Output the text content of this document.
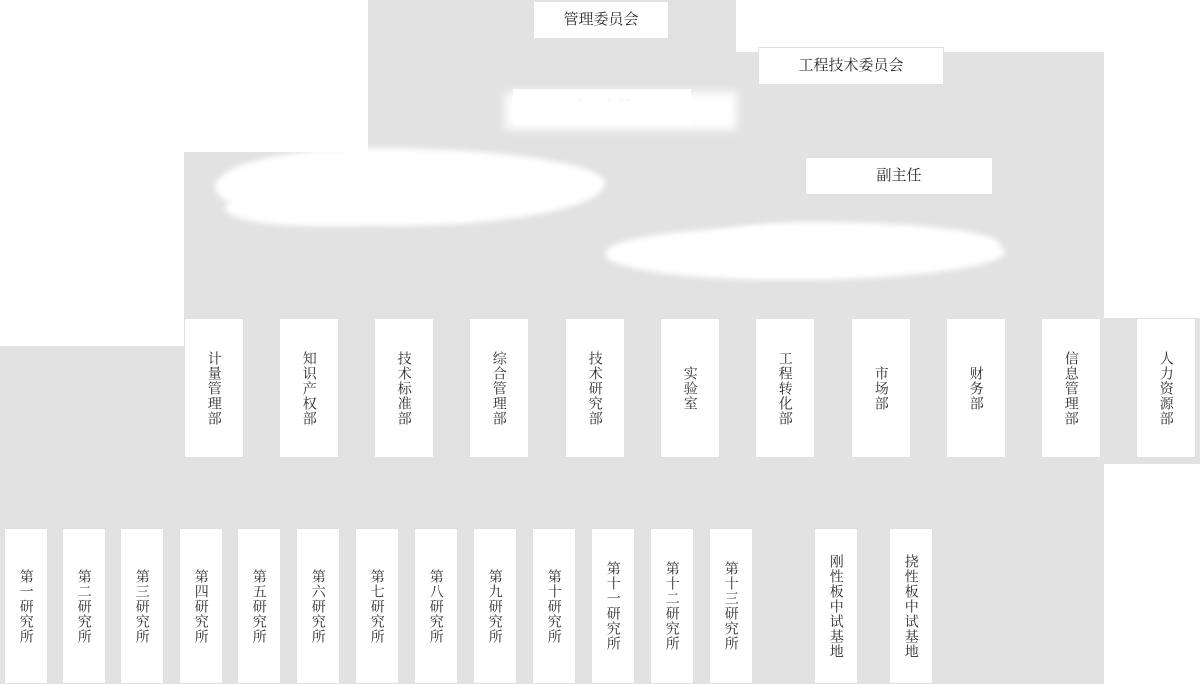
管理委员会
工程技术委员会
副主任
计量管理部	知识产权部	技术标准部	综合管理部	技术研究部	实验室	工程转化部	市场部	财务部	信息管理部	人力资源部
第一研究所	第二研究所	第三研究所	第四研究所	第五研究所	第六研究所	第七研究所	第八研究所	第九研究所	第十研究所	第十一研究所	第十二研究所	第十三研究所	刚性板中试基地	挠性板中试基地
